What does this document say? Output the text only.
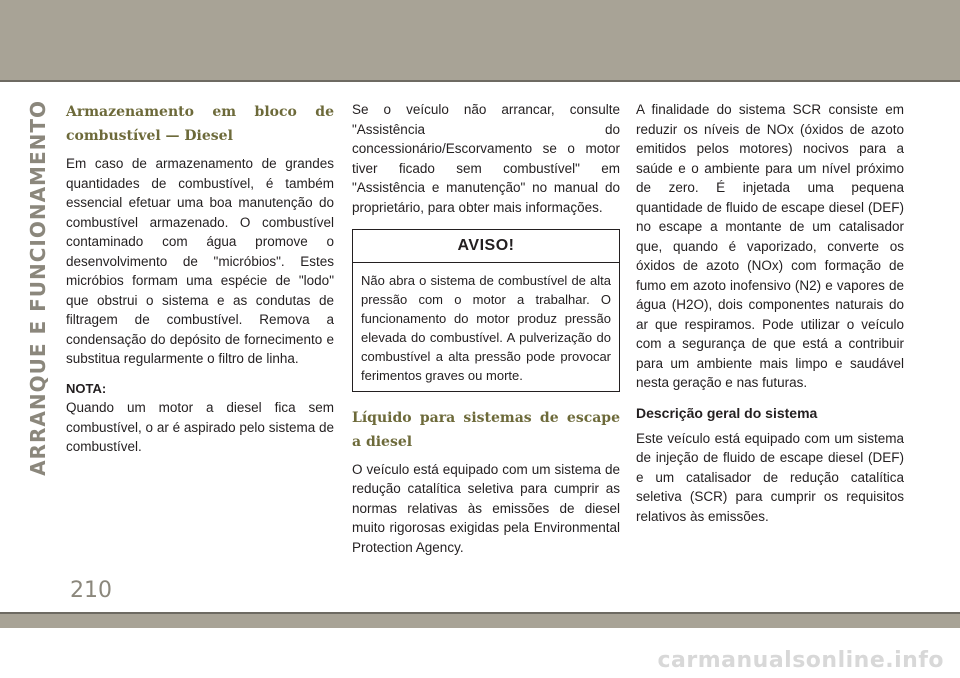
ARRANQUE E FUNCIONAMENTO Armazenamento em bloco de combustível — Diesel

Em caso de armazenamento de grandes quantidades de combustível, é também essencial efetuar uma boa manutenção do combustível armazenado. O combustível contaminado com água promove o desenvolvimento de "micróbios". Estes micróbios formam uma espécie de "lodo" que obstrui o sistema e as condutas de filtragem de combustível. Remova a condensação do depósito de fornecimento e substitua regularmente o filtro de linha.

NOTA:

Quando um motor a diesel fica sem combustível, o ar é aspirado pelo sistema de combustível.

Se o veículo não arrancar, consulte "Assistência do concessionário/Escorvamento se o motor tiver ficado sem combustível" em "Assistência e manutenção" no manual do proprietário, para obter mais informações.

AVISO!
Não abra o sistema de combustível de alta pressão com o motor a trabalhar. O funcionamento do motor produz pressão elevada do combustível. A pulverização do combustível a alta pressão pode provocar ferimentos graves ou morte.
Líquido para sistemas de escape a diesel

O veículo está equipado com um sistema de redução catalítica seletiva para cumprir as normas relativas às emissões de diesel muito rigorosas exigidas pela Environmental Protection Agency.

A finalidade do sistema SCR consiste em reduzir os níveis de NOx (óxidos de azoto emitidos pelos motores) nocivos para a saúde e o ambiente para um nível próximo de zero. É injetada uma pequena quantidade de fluido de escape diesel (DEF) no escape a montante de um catalisador que, quando é vaporizado, converte os óxidos de azoto (NOx) com formação de fumo em azoto inofensivo (N2) e vapores de água (H2O), dois componentes naturais do ar que respiramos. Pode utilizar o veículo com a segurança de que está a contribuir para um ambiente mais limpo e saudável nesta geração e nas futuras.

Descrição geral do sistema

Este veículo está equipado com um sistema de injeção de fluido de escape diesel (DEF) e um catalisador de redução catalítica seletiva (SCR) para cumprir os requisitos relativos às emissões.

210
carmanualsonline.info
